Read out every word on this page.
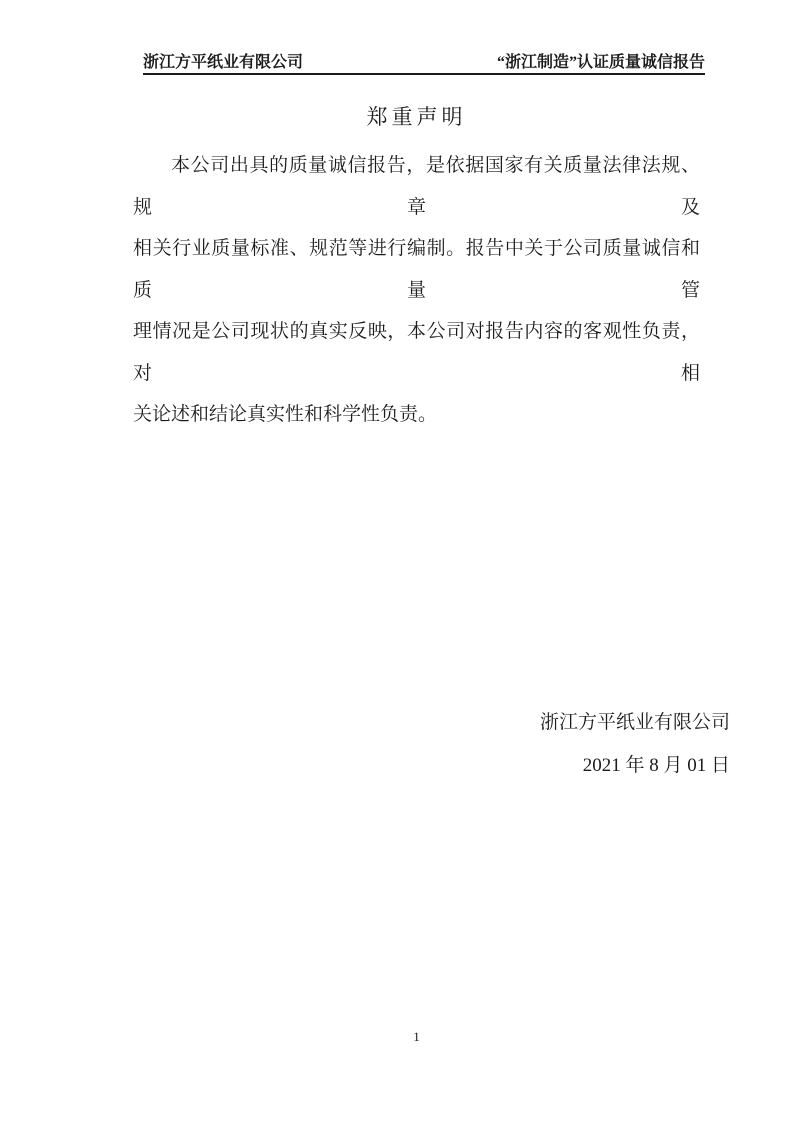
浙江方平纸业有限公司	“浙江制造”认证质量诚信报告
郑重声明

本公司出具的质量诚信报告，是依据国家有关质量法律法规、规章及

相关行业质量标准、规范等进行编制。报告中关于公司质量诚信和质量管

理情况是公司现状的真实反映，本公司对报告内容的客观性负责，对相

关论述和结论真实性和科学性负责。

浙江方平纸业有限公司
2021 年 8 月 01 日
1
